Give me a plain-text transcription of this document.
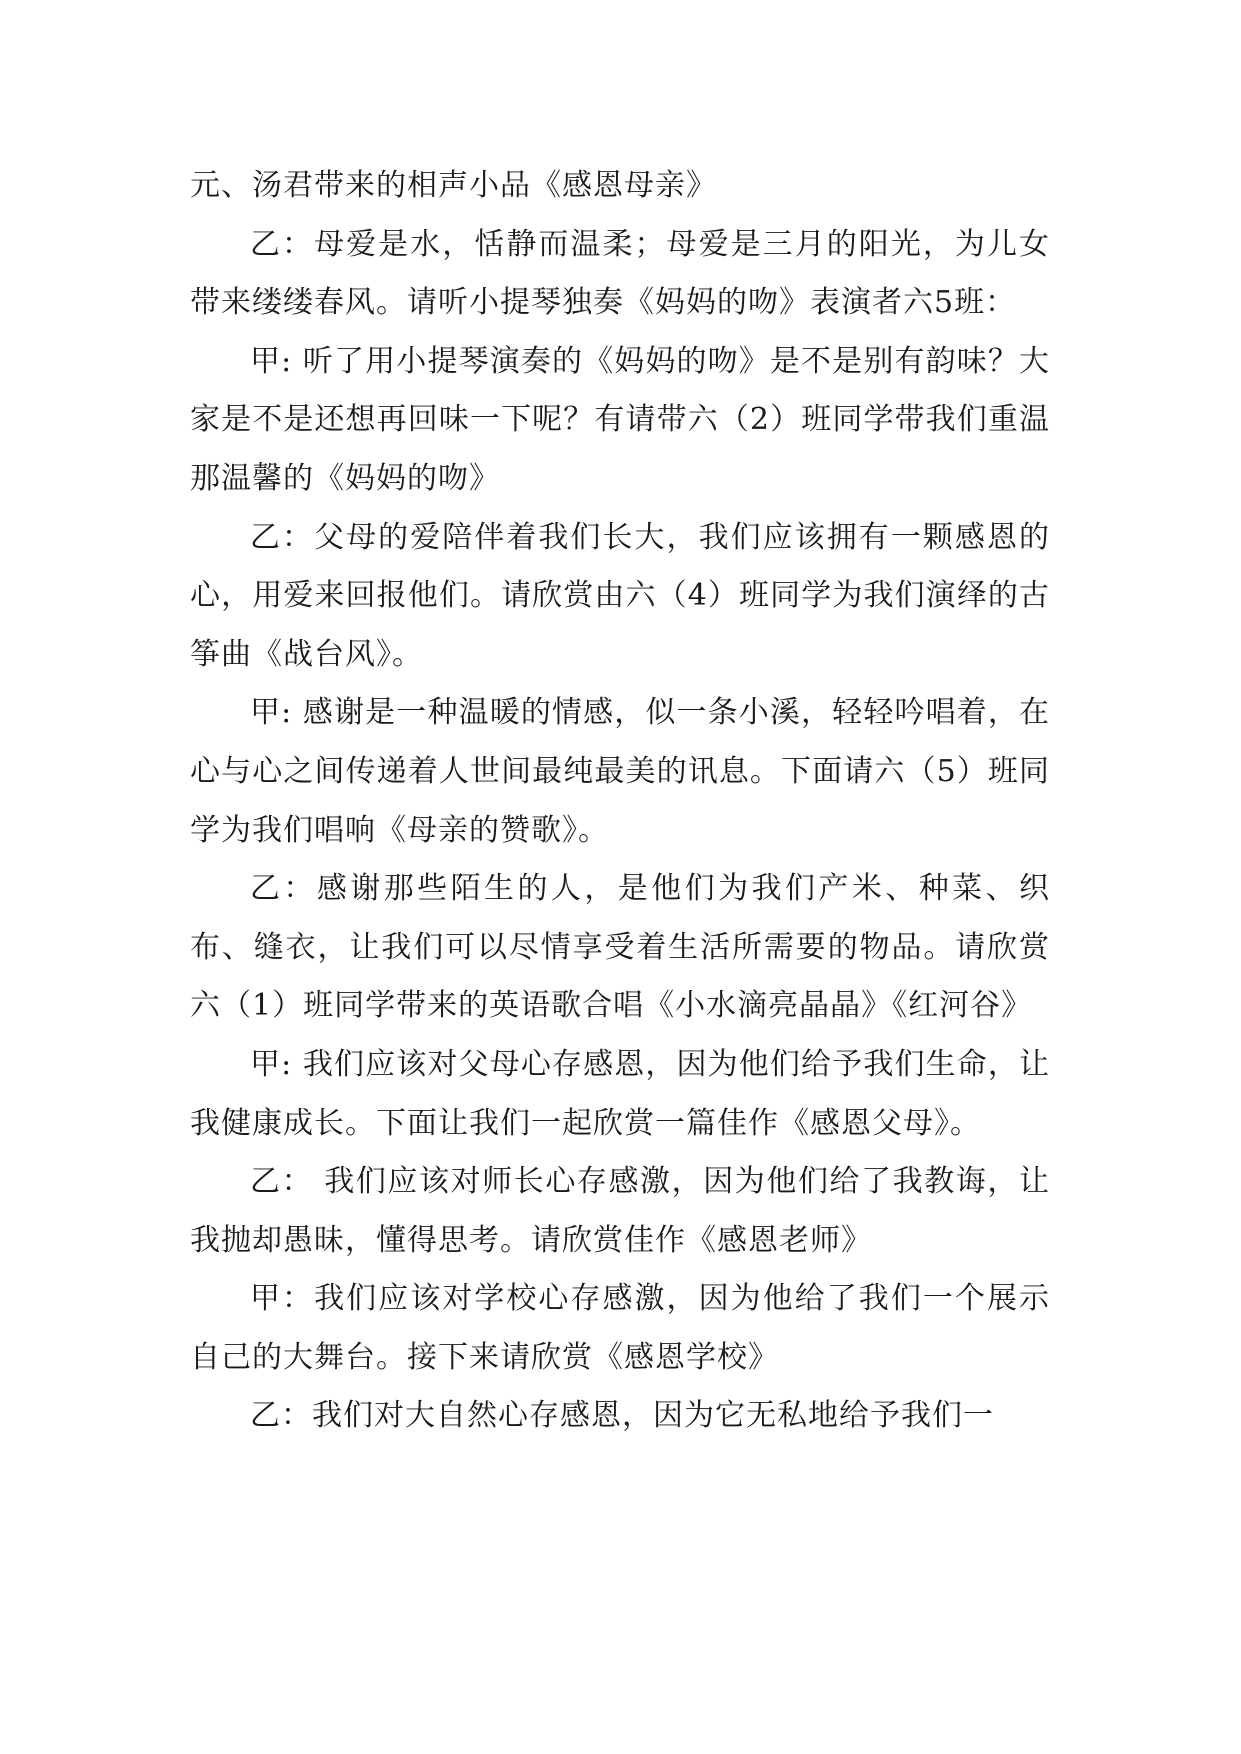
元、汤君带来的相声小品《感恩母亲》

乙：母爱是水，恬静而温柔；母爱是三月的阳光，为儿女带来缕缕春风。请听小提琴独奏《妈妈的吻》表演者六5班：

甲: 听了用小提琴演奏的《妈妈的吻》是不是别有韵味？大家是不是还想再回味一下呢？有请带六（2）班同学带我们重温那温馨的《妈妈的吻》

乙：父母的爱陪伴着我们长大，我们应该拥有一颗感恩的心，用爱来回报他们。请欣赏由六（4）班同学为我们演绎的古筝曲《战台风》。

甲: 感谢是一种温暖的情感，似一条小溪，轻轻吟唱着，在心与心之间传递着人世间最纯最美的讯息。下面请六（5）班同学为我们唱响《母亲的赞歌》。

乙：感谢那些陌生的人，是他们为我们产米、种菜、织布、缝衣，让我们可以尽情享受着生活所需要的物品。请欣赏六（1）班同学带来的英语歌合唱《小水滴亮晶晶》《红河谷》

甲: 我们应该对父母心存感恩，因为他们给予我们生命，让我健康成长。下面让我们一起欣赏一篇佳作《感恩父母》。

乙： 我们应该对师长心存感激，因为他们给了我教诲，让我抛却愚昧，懂得思考。请欣赏佳作《感恩老师》

甲：我们应该对学校心存感激，因为他给了我们一个展示自己的大舞台。接下来请欣赏《感恩学校》

乙：我们对大自然心存感恩，因为它无私地给予我们一
